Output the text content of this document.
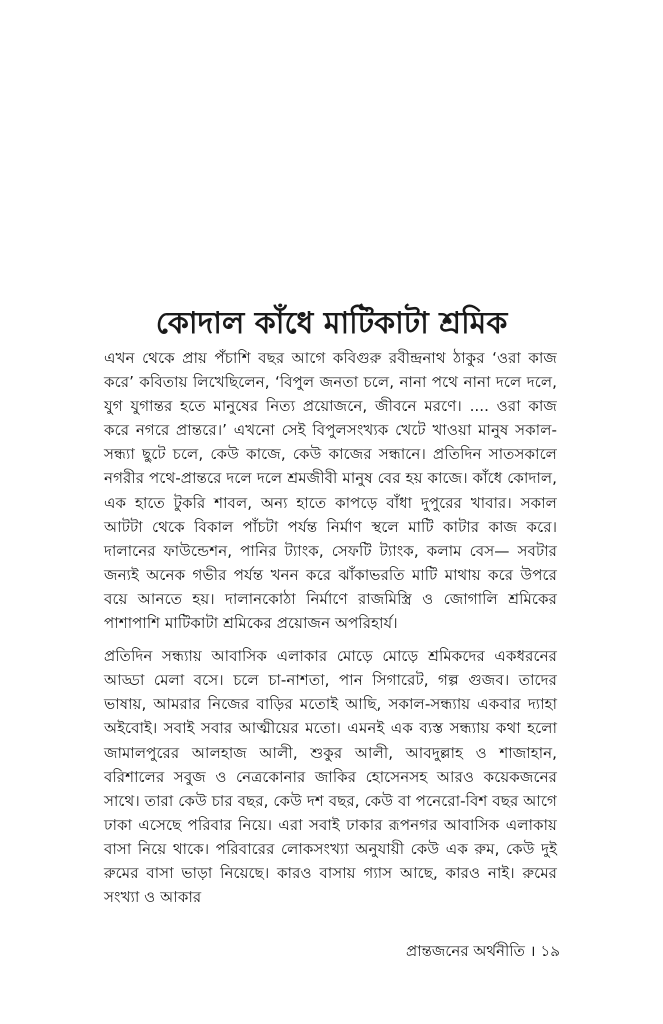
কোদাল কাঁধে মাটিকাটা শ্রমিক

এখন থেকে প্রায় পঁচাশি বছর আগে কবিগুরু রবীন্দ্রনাথ ঠাকুর ‘ওরা কাজ করে’ কবিতায় লিখেছিলেন, ‘বিপুল জনতা চলে, নানা পথে নানা দলে দলে, যুগ যুগান্তর হতে মানুষের নিত্য প্রয়োজনে, জীবনে মরণে। .... ওরা কাজ করে নগরে প্রান্তরে।’ এখনো সেই বিপুলসংখ্যক খেটে খাওয়া মানুষ সকাল-সন্ধ্যা ছুটে চলে, কেউ কাজে, কেউ কাজের সন্ধানে। প্রতিদিন সাতসকালে নগরীর পথে-প্রান্তরে দলে দলে শ্রমজীবী মানুষ বের হয় কাজে। কাঁধে কোদাল, এক হাতে টুকরি শাবল, অন্য হাতে কাপড়ে বাঁধা দুপুরের খাবার। সকাল আটটা থেকে বিকাল পাঁচটা পর্যন্ত নির্মাণ স্থলে মাটি কাটার কাজ করে। দালানের ফাউন্ডেশন, পানির ট্যাংক, সেফটি ট্যাংক, কলাম বেস— সবটার জন্যই অনেক গভীর পর্যন্ত খনন করে ঝাঁকাভরতি মাটি মাথায় করে উপরে বয়ে আনতে হয়। দালানকোঠা নির্মাণে রাজমিস্ত্রি ও জোগালি শ্রমিকের পাশাপাশি মাটিকাটা শ্রমিকের প্রয়োজন অপরিহার্য।

প্রতিদিন সন্ধ্যায় আবাসিক এলাকার মোড়ে মোড়ে শ্রমিকদের একধরনের আড্ডা মেলা বসে। চলে চা-নাশতা, পান সিগারেট, গল্প গুজব। তাদের ভাষায়, আমরার নিজের বাড়ির মতোই আছি, সকাল-সন্ধ্যায় একবার দ্যাহা অইবোই। সবাই সবার আত্মীয়ের মতো। এমনই এক ব্যস্ত সন্ধ্যায় কথা হলো জামালপুরের আলহাজ আলী, শুকুর আলী, আবদুল্লাহ ও শাজাহান, বরিশালের সবুজ ও নেত্রকোনার জাকির হোসেনসহ আরও কয়েকজনের সাথে। তারা কেউ চার বছর, কেউ দশ বছর, কেউ বা পনেরো-বিশ বছর আগে ঢাকা এসেছে পরিবার নিয়ে। এরা সবাই ঢাকার রূপনগর আবাসিক এলাকায় বাসা নিয়ে থাকে। পরিবারের লোকসংখ্যা অনুযায়ী কেউ এক রুম, কেউ দুই রুমের বাসা ভাড়া নিয়েছে। কারও বাসায় গ্যাস আছে, কারও নাই। রুমের সংখ্যা ও আকার

প্রান্তজনের অর্থনীতি । ১৯
